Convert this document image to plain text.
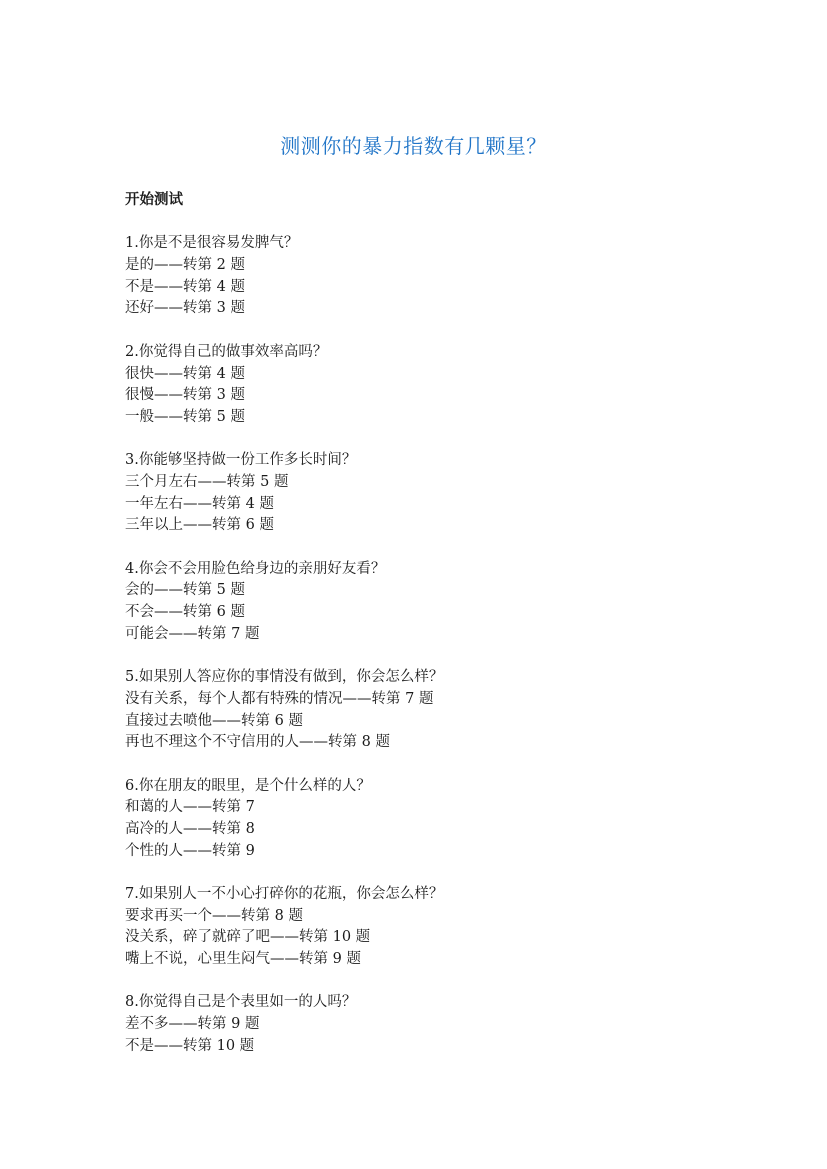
测测你的暴力指数有几颗星？
开始测试
1.你是不是很容易发脾气？
是的——转第 2 题
不是——转第 4 题
还好——转第 3 题
2.你觉得自己的做事效率高吗？
很快——转第 4 题
很慢——转第 3 题
一般——转第 5 题
3.你能够坚持做一份工作多长时间？
三个月左右——转第 5 题
一年左右——转第 4 题
三年以上——转第 6 题
4.你会不会用脸色给身边的亲朋好友看？
会的——转第 5 题
不会——转第 6 题
可能会——转第 7 题
5.如果别人答应你的事情没有做到，你会怎么样？
没有关系，每个人都有特殊的情况——转第 7 题
直接过去喷他——转第 6 题
再也不理这个不守信用的人——转第 8 题
6.你在朋友的眼里，是个什么样的人？
和蔼的人——转第 7
高冷的人——转第 8
个性的人——转第 9
7.如果别人一不小心打碎你的花瓶，你会怎么样？
要求再买一个——转第 8 题
没关系，碎了就碎了吧——转第 10 题
嘴上不说，心里生闷气——转第 9 题
8.你觉得自己是个表里如一的人吗？
差不多——转第 9 题
不是——转第 10 题
